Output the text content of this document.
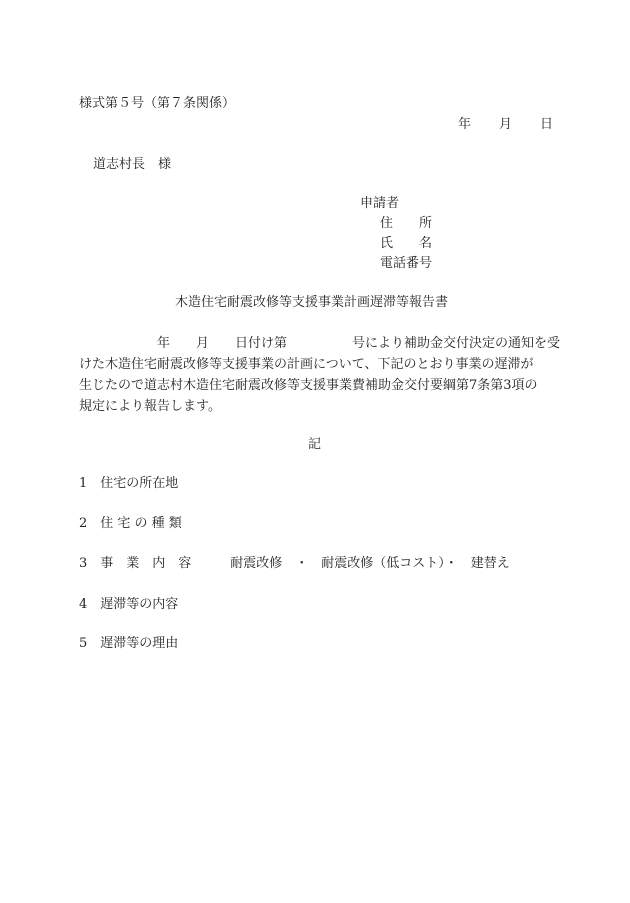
様式第５号（第７条関係）
年 月 日
道志村長　様
申請者
住　　所
氏　　名
電話番号
木造住宅耐震改修等支援事業計画遅滞等報告書
　　　　　　年　　月　　日付け第　　　　　号により補助金交付決定の通知を受
けた木造住宅耐震改修等支援事業の計画について、下記のとおり事業の遅滞が
生じたので道志村木造住宅耐震改修等支援事業費補助金交付要綱第7条第3項の
規定により報告します。
記
1　住宅の所在地
2　住 宅 の 種 類
3　事　業　内　容　　　耐震改修　・　耐震改修（低コスト）・　建替え
4　遅滞等の内容
5　遅滞等の理由
